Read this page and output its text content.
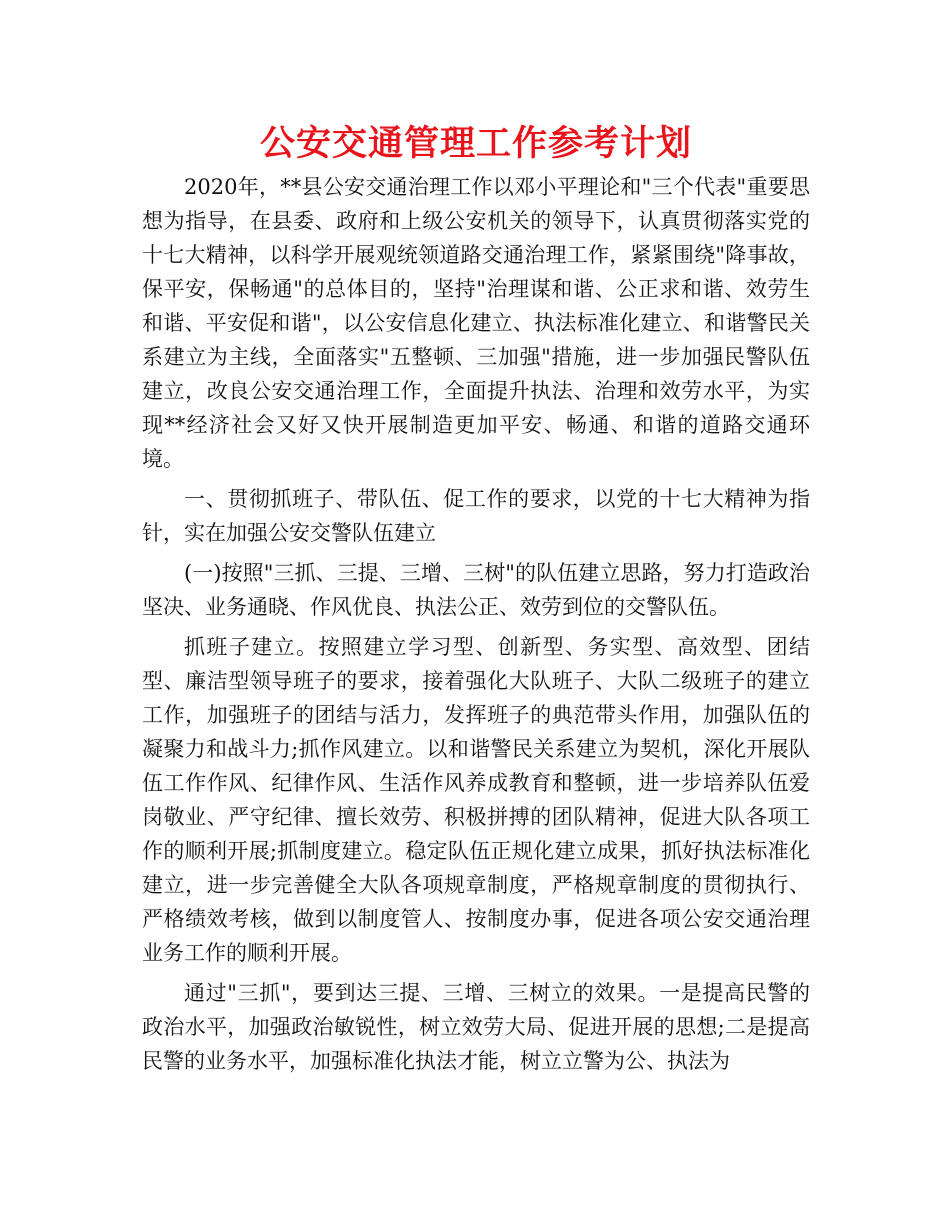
公安交通管理工作参考计划

2020年，**县公安交通治理工作以邓小平理论和"三个代表"重要思想为指导，在县委、政府和上级公安机关的领导下，认真贯彻落实党的十七大精神，以科学开展观统领道路交通治理工作，紧紧围绕"降事故，保平安，保畅通"的总体目的，坚持"治理谋和谐、公正求和谐、效劳生和谐、平安促和谐"，以公安信息化建立、执法标准化建立、和谐警民关系建立为主线，全面落实"五整顿、三加强"措施，进一步加强民警队伍建立，改良公安交通治理工作，全面提升执法、治理和效劳水平，为实现**经济社会又好又快开展制造更加平安、畅通、和谐的道路交通环境。

一、贯彻抓班子、带队伍、促工作的要求，以党的十七大精神为指针，实在加强公安交警队伍建立

(一)按照"三抓、三提、三增、三树"的队伍建立思路，努力打造政治坚决、业务通晓、作风优良、执法公正、效劳到位的交警队伍。

抓班子建立。按照建立学习型、创新型、务实型、高效型、团结型、廉洁型领导班子的要求，接着强化大队班子、大队二级班子的建立工作，加强班子的团结与活力，发挥班子的典范带头作用，加强队伍的凝聚力和战斗力;抓作风建立。以和谐警民关系建立为契机，深化开展队伍工作作风、纪律作风、生活作风养成教育和整顿，进一步培养队伍爱岗敬业、严守纪律、擅长效劳、积极拼搏的团队精神，促进大队各项工作的顺利开展;抓制度建立。稳定队伍正规化建立成果，抓好执法标准化建立，进一步完善健全大队各项规章制度，严格规章制度的贯彻执行、严格绩效考核，做到以制度管人、按制度办事，促进各项公安交通治理业务工作的顺利开展。

通过"三抓"，要到达三提、三增、三树立的效果。一是提高民警的政治水平，加强政治敏锐性，树立效劳大局、促进开展的思想;二是提高民警的业务水平，加强标准化执法才能，树立立警为公、执法为
